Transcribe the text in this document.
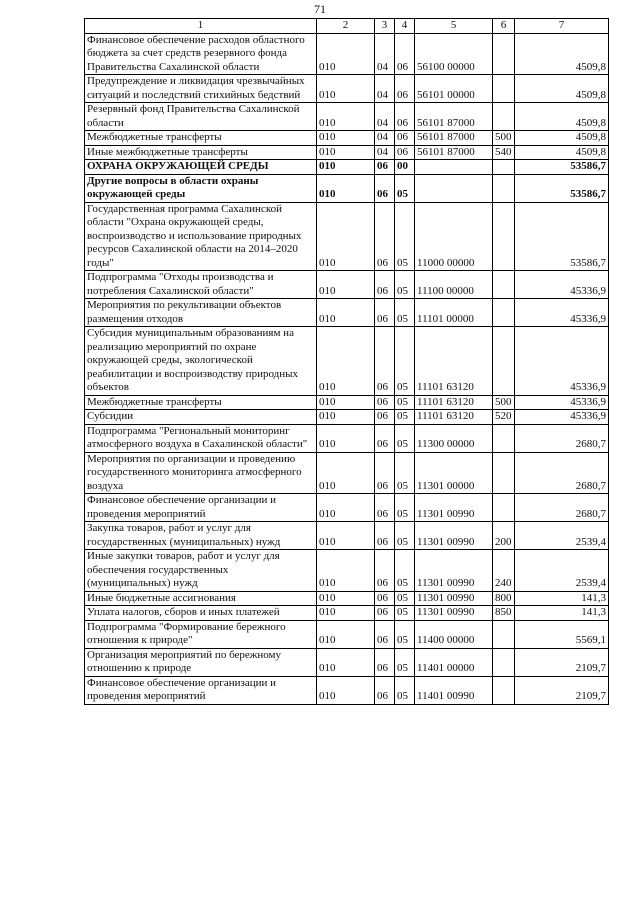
71
1	2	3	4	5	6	7
Финансовое обеспечение расходов областного бюджета за счет средств резервного фонда Правительства Сахалинской области	010	04	06	56100 00000		4509,8
Предупреждение и ликвидация чрезвычайных ситуаций и последствий стихийных бедствий	010	04	06	56101 00000		4509,8
Резервный фонд Правительства Сахалинской области	010	04	06	56101 87000		4509,8
Межбюджетные трансферты	010	04	06	56101 87000	500	4509,8
Иные межбюджетные трансферты	010	04	06	56101 87000	540	4509,8
ОХРАНА ОКРУЖАЮЩЕЙ СРЕДЫ	010	06	00			53586,7
Другие вопросы в области охраны окружающей среды	010	06	05			53586,7
Государственная программа Сахалинской области "Охрана окружающей среды, воспроизводство и использование природных ресурсов Сахалинской области на 2014–2020 годы"	010	06	05	11000 00000		53586,7
Подпрограмма "Отходы производства и потребления Сахалинской области"	010	06	05	11100 00000		45336,9
Мероприятия по рекультивации объектов размещения отходов	010	06	05	11101 00000		45336,9
Субсидия муниципальным образованиям на реализацию мероприятий по охране окружающей среды, экологической реабилитации и воспроизводству природных объектов	010	06	05	11101 63120		45336,9
Межбюджетные трансферты	010	06	05	11101 63120	500	45336,9
Субсидии	010	06	05	11101 63120	520	45336,9
Подпрограмма "Региональный мониторинг атмосферного воздуха в Сахалинской области"	010	06	05	11300 00000		2680,7
Мероприятия по организации и проведению государственного мониторинга атмосферного воздуха	010	06	05	11301 00000		2680,7
Финансовое обеспечение организации и проведения мероприятий	010	06	05	11301 00990		2680,7
Закупка товаров, работ и услуг для государственных (муниципальных) нужд	010	06	05	11301 00990	200	2539,4
Иные закупки товаров, работ и услуг для обеспечения государственных (муниципальных) нужд	010	06	05	11301 00990	240	2539,4
Иные бюджетные ассигнования	010	06	05	11301 00990	800	141,3
Уплата налогов, сборов и иных платежей	010	06	05	11301 00990	850	141,3
Подпрограмма "Формирование бережного отношения к природе"	010	06	05	11400 00000		5569,1
Организация мероприятий по бережному отношению к природе	010	06	05	11401 00000		2109,7
Финансовое обеспечение организации и проведения мероприятий	010	06	05	11401 00990		2109,7
